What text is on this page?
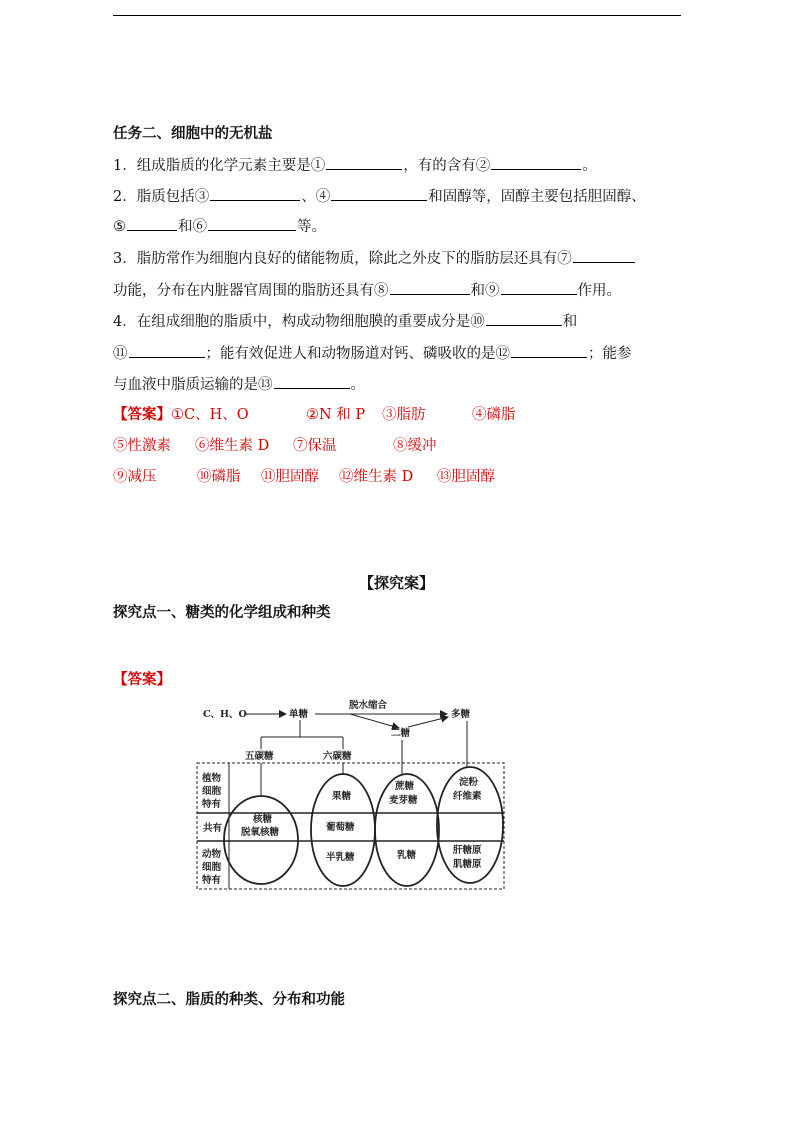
任务二、细胞中的无机盐
1．组成脂质的化学元素主要是①	，有的含有②	。
2．脂质包括③	、④	和固醇等，固醇主要包括胆固醇、
⑤	和⑥	等。
3．脂肪常作为细胞内良好的储能物质，除此之外皮下的脂肪层还具有⑦
功能，分布在内脏器官周围的脂肪还具有⑧	和⑨	作用。
4．在组成细胞的脂质中，构成动物细胞膜的重要成分是⑩	和
⑪	；能有效促进人和动物肠道对钙、磷吸收的是⑫	；能参
与血液中脂质运输的是⑬	。
【答案】①C、H、O	②N 和 P ③脂肪	④磷脂
⑤性激素 ⑥维生素 D ⑦保温	⑧缓冲
⑨减压	⑩磷脂 ⑪胆固醇 ⑫维生素 D ⑬胆固醇
【探究案】
探究点一、糖类的化学组成和种类
【答案】
C、H、O	单糖
脱水缩合
多糖
二糖
五碳糖	六碳糖
植物
细胞
特有
共有
动物
细胞
特有
核糖
脱氧核糖
果糖
葡萄糖
半乳糖
蔗糖
麦芽糖
乳糖
淀粉
纤维素
肝糖原
肌糖原
探究点二、脂质的种类、分布和功能
